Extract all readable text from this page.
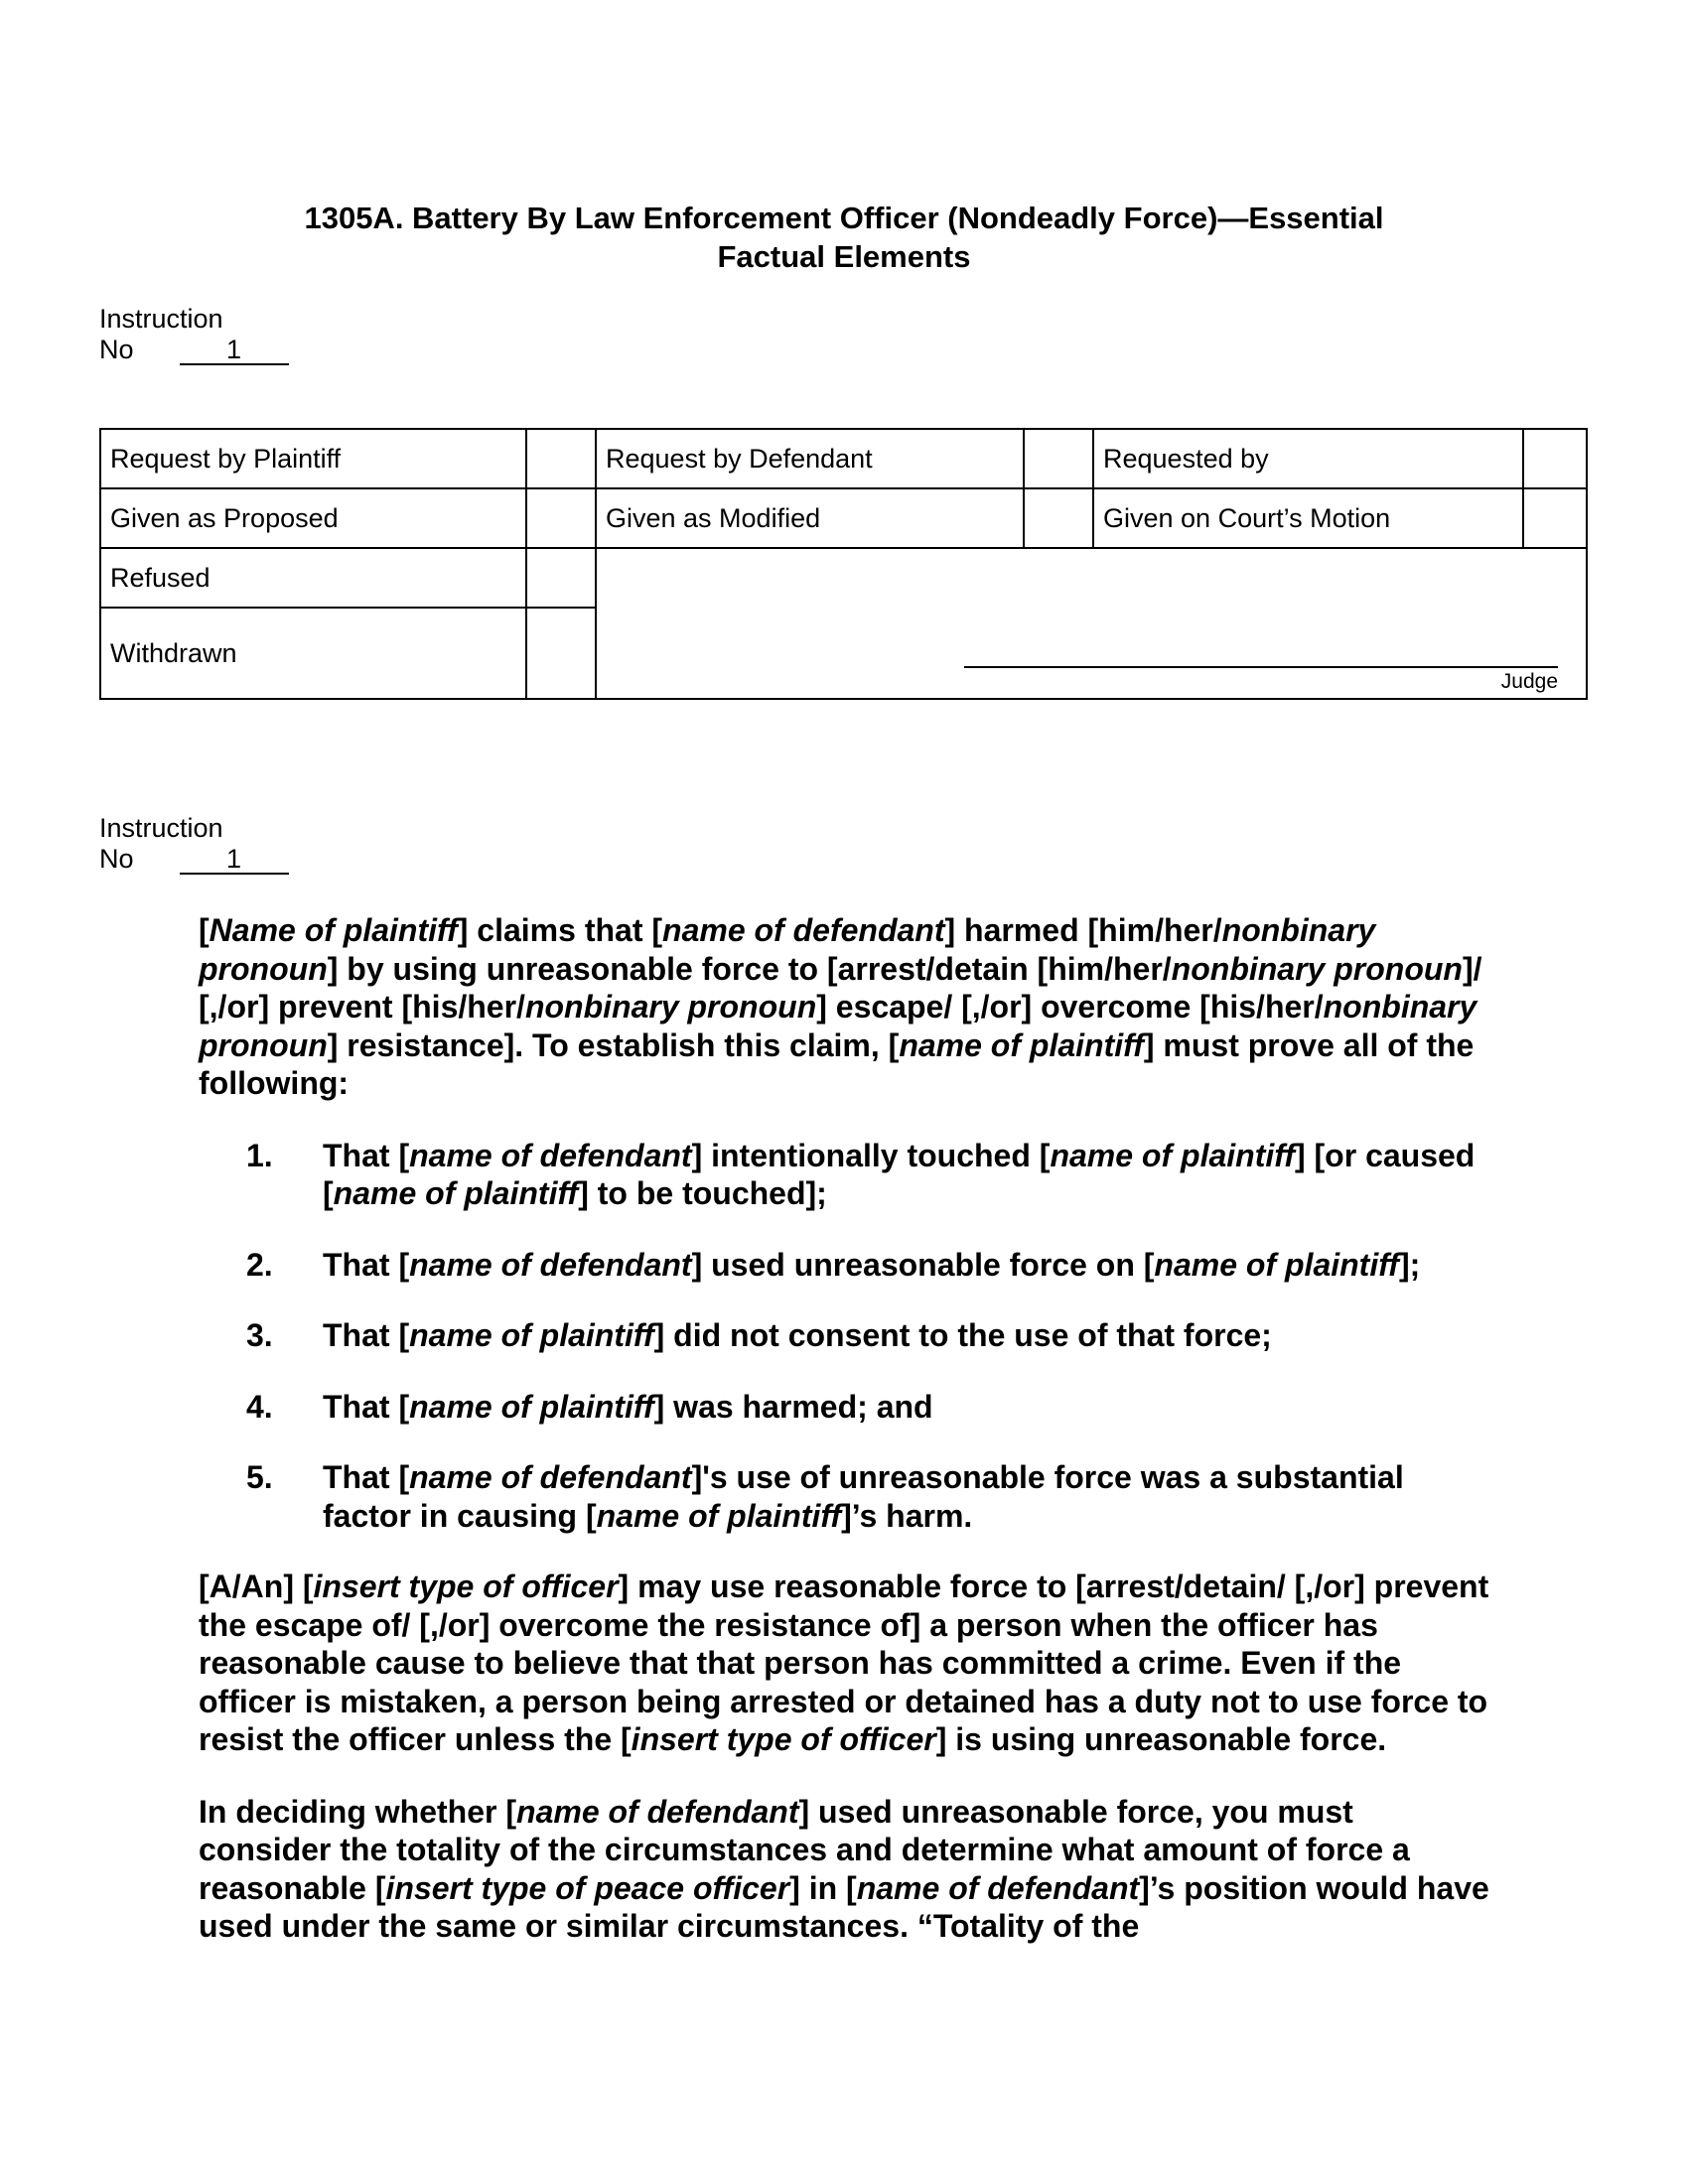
1305A. Battery By Law Enforcement Officer (Nondeadly Force)—Essential
Factual Elements
Instruction
No	1
Request by Plaintiff		Request by Defendant		Requested by	
Given as Proposed		Given as Modified		Given on Court’s Motion	
Refused		Judge			

Withdrawn					
Instruction
No	1

[Name of plaintiff] claims that [name of defendant] harmed [him/her/nonbinary pronoun] by using unreasonable force to [arrest/detain [him/her/nonbinary pronoun]/ [,/or] prevent [his/her/nonbinary pronoun] escape/ [,/or] overcome [his/her/nonbinary pronoun] resistance]. To establish this claim, [name of plaintiff] must prove all of the following:

1. That [name of defendant] intentionally touched [name of plaintiff] [or caused [name of plaintiff] to be touched];
2. That [name of defendant] used unreasonable force on [name of plaintiff];
3. That [name of plaintiff] did not consent to the use of that force;
4. That [name of plaintiff] was harmed; and
5. That [name of defendant]'s use of unreasonable force was a substantial factor in causing [name of plaintiff]’s harm.

[A/An] [insert type of officer] may use reasonable force to [arrest/detain/ [,/or] prevent the escape of/ [,/or] overcome the resistance of] a person when the officer has reasonable cause to believe that that person has committed a crime. Even if the officer is mistaken, a person being arrested or detained has a duty not to use force to resist the officer unless the [insert type of officer] is using unreasonable force.

In deciding whether [name of defendant] used unreasonable force, you must consider the totality of the circumstances and determine what amount of force a reasonable [insert type of peace officer] in [name of defendant]’s position would have used under the same or similar circumstances. “Totality of the
